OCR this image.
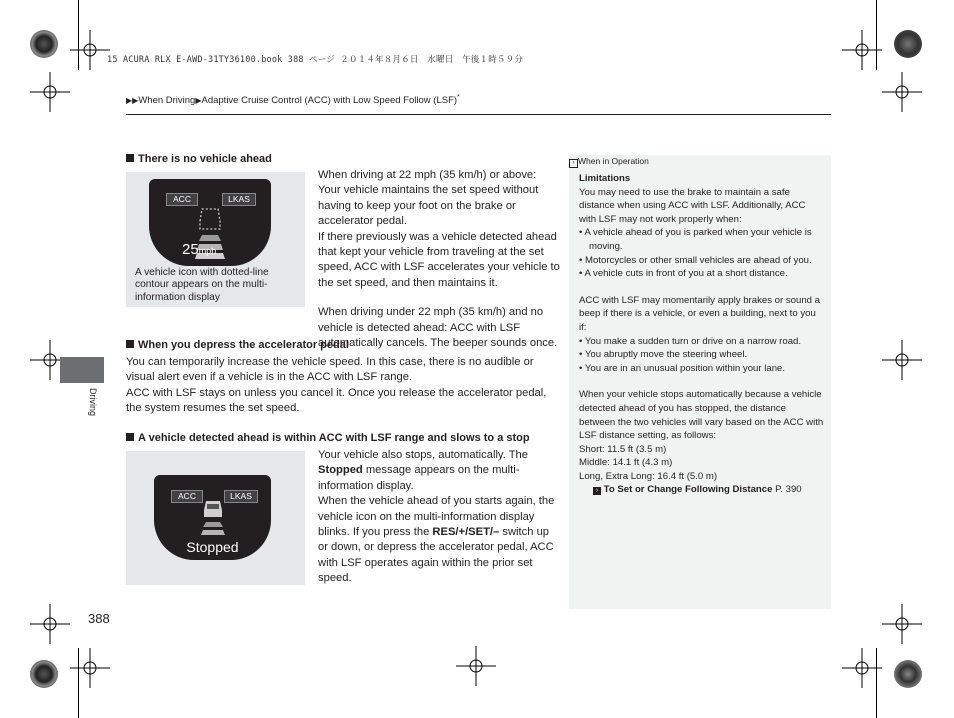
15 ACURA RLX E-AWD-31TY36100.book 388 ページ ２０１４年８月６日　水曜日　午後１時５９分
▶▶When Driving▶Adaptive Cruise Control (ACC) with Low Speed Follow (LSF)*
Driving
There is no vehicle ahead
ACC	LKAS
25mph
A vehicle icon with dotted-line contour appears on the multi-information display

When driving at 22 mph (35 km/h) or above: Your vehicle maintains the set speed without having to keep your foot on the brake or accelerator pedal.

If there previously was a vehicle detected ahead that kept your vehicle from traveling at the set speed, ACC with LSF accelerates your vehicle to the set speed, and then maintains it.

When driving under 22 mph (35 km/h) and no vehicle is detected ahead: ACC with LSF automatically cancels. The beeper sounds once.

When you depress the accelerator pedal

You can temporarily increase the vehicle speed. In this case, there is no audible or visual alert even if a vehicle is in the ACC with LSF range.

ACC with LSF stays on unless you cancel it. Once you release the accelerator pedal, the system resumes the set speed.

A vehicle detected ahead is within ACC with LSF range and slows to a stop
ACC	LKAS
Stopped

Your vehicle also stops, automatically. The Stopped message appears on the multi-information display.

When the vehicle ahead of you starts again, the vehicle icon on the multi-information display blinks. If you press the RES/+/SET/– switch up or down, or depress the accelerator pedal, ACC with LSF operates again within the prior set speed.

› When in Operation

Limitations

You may need to use the brake to maintain a safe distance when using ACC with LSF. Additionally, ACC with LSF may not work properly when:

• A vehicle ahead of you is parked when your vehicle is moving.

• Motorcycles or other small vehicles are ahead of you.

• A vehicle cuts in front of you at a short distance.

ACC with LSF may momentarily apply brakes or sound a beep if there is a vehicle, or even a building, next to you if:

• You make a sudden turn or drive on a narrow road.

• You abruptly move the steering wheel.

• You are in an unusual position within your lane.

When your vehicle stops automatically because a vehicle detected ahead of you has stopped, the distance between the two vehicles will vary based on the ACC with LSF distance setting, as follows:

Short: 11.5 ft (3.5 m)

Middle: 14.1 ft (4.3 m)

Long, Extra Long: 16.4 ft (5.0 m)

› To Set or Change Following Distance P. 390

388
